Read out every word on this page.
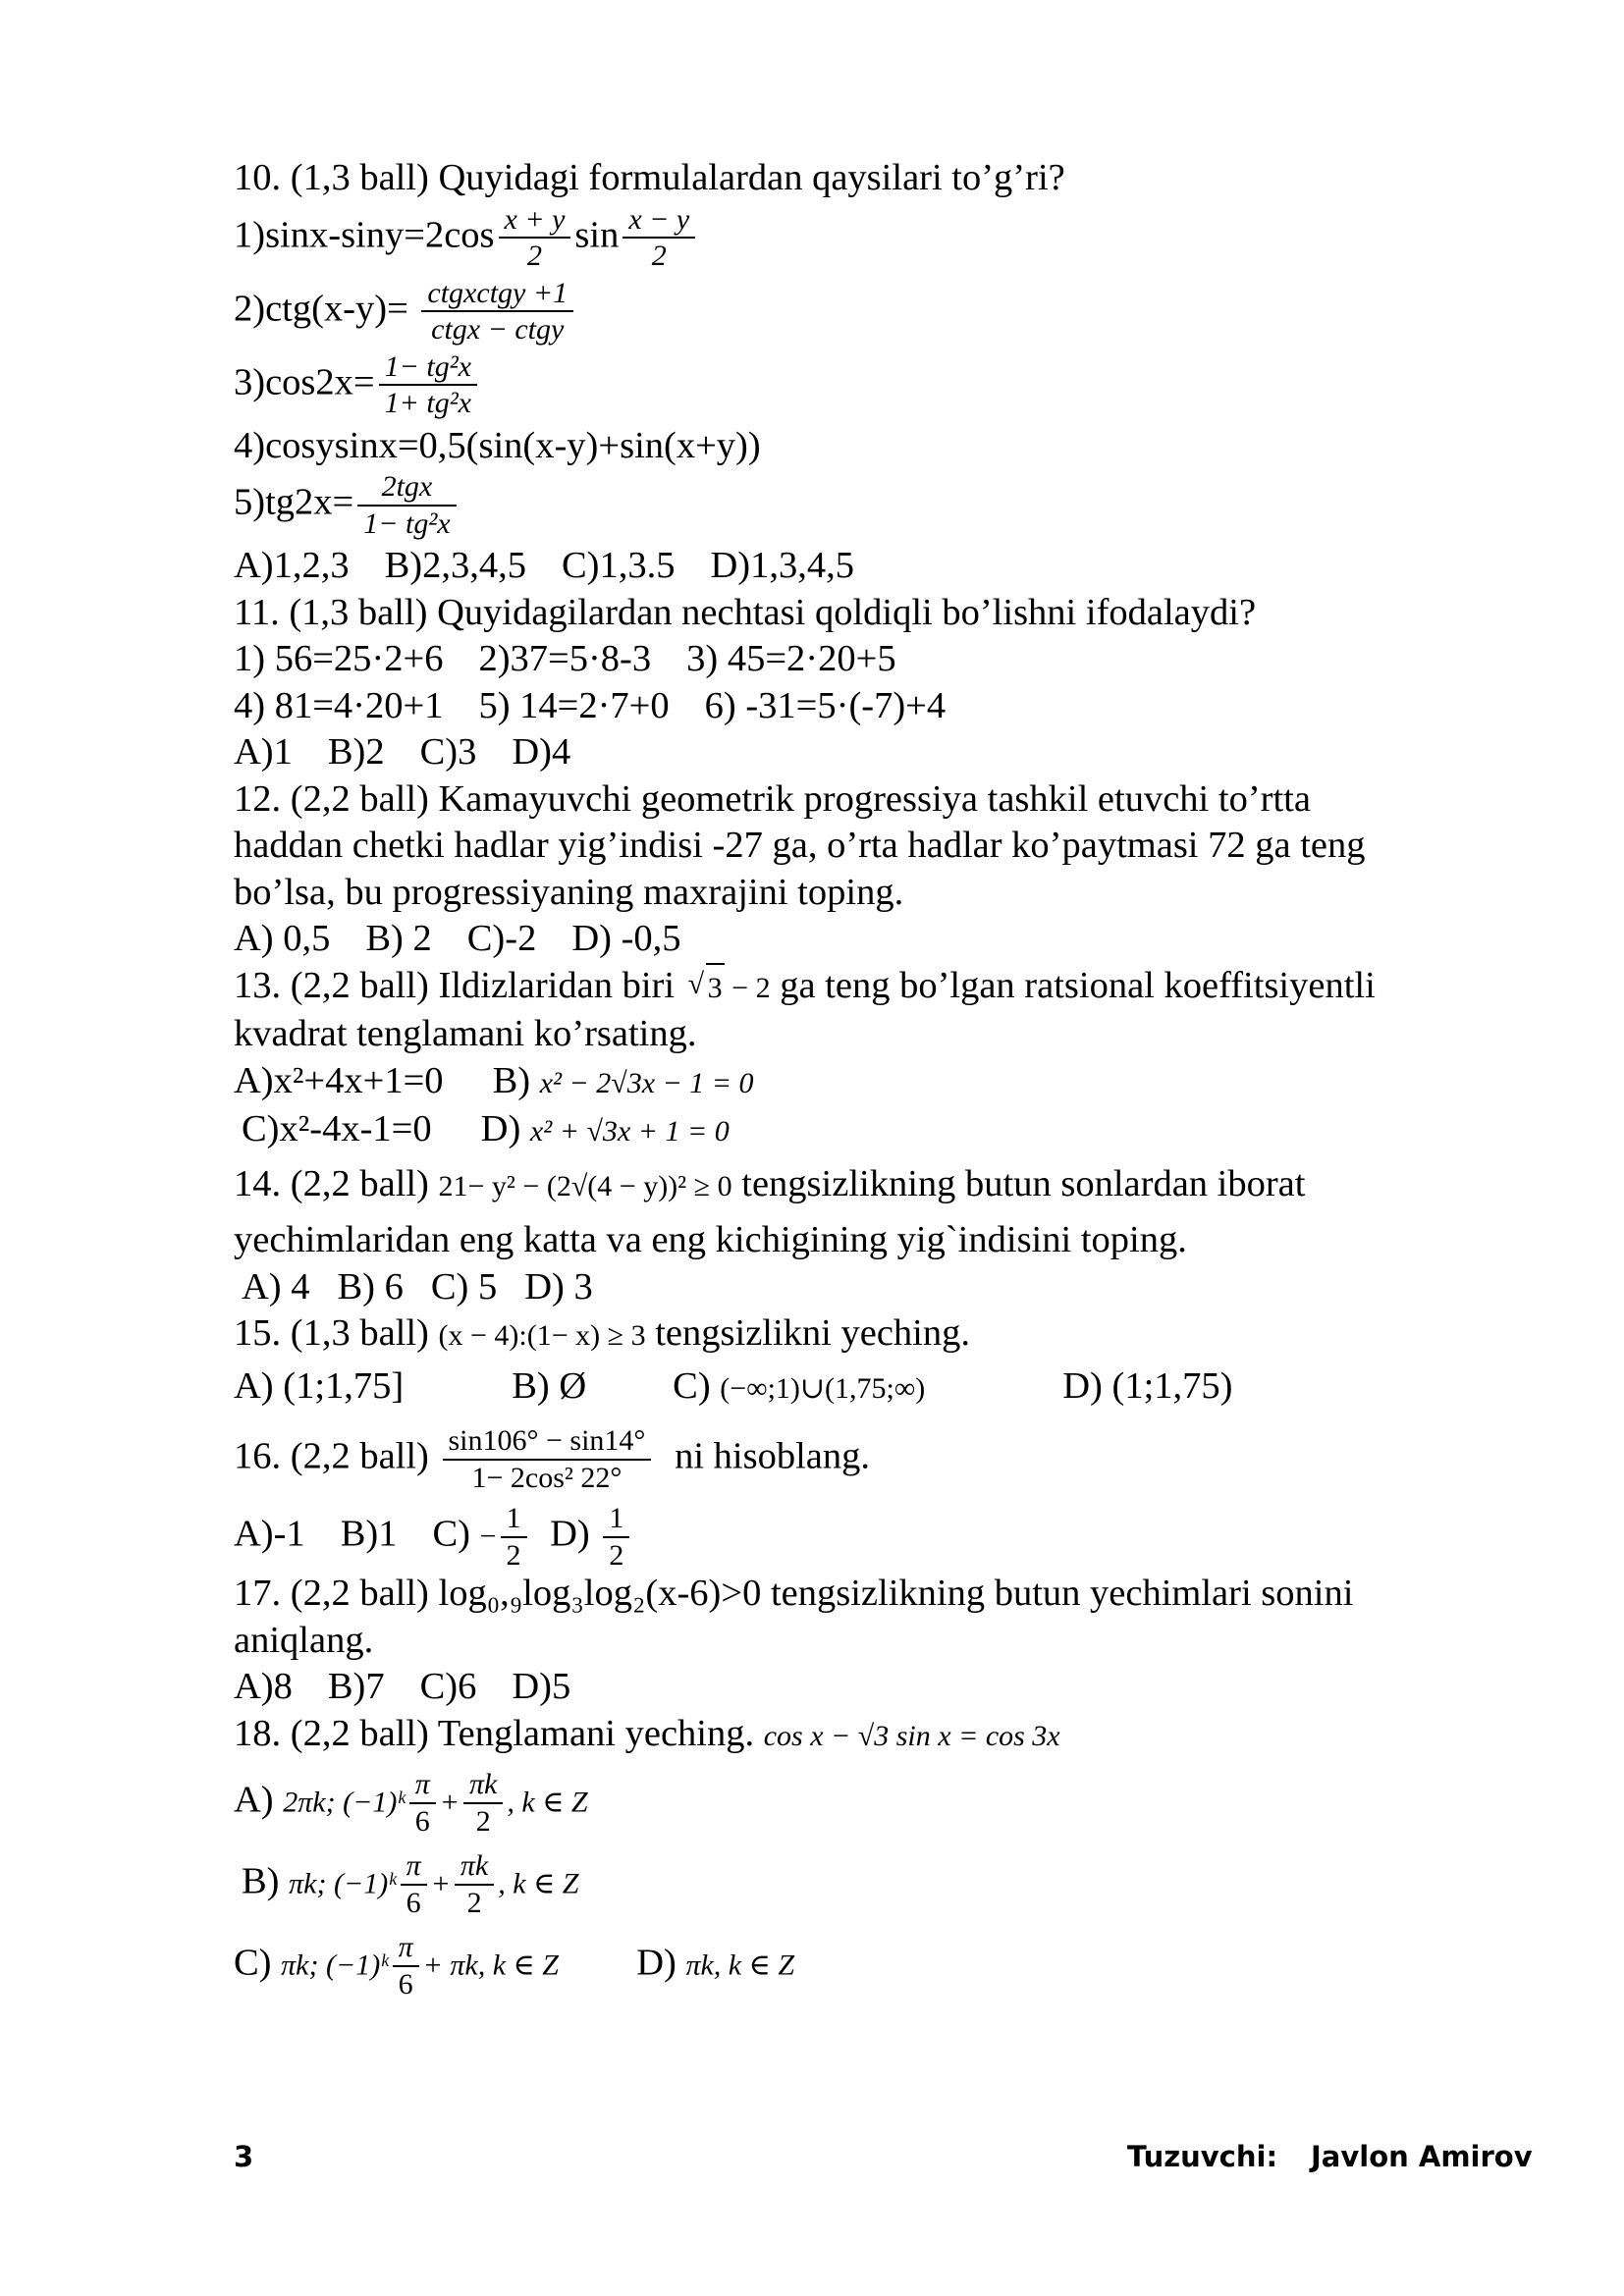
10. (1,3 ball) Quyidagi formulalardan qaysilari to’g’ri?
$1)\sin x-\sin y=2\cos \frac{x + y}{2}$ $\sin \frac{x - y}{2}$
$2)ctg(x-y)= \frac{\text{ctgxctgy +1}}{\text{ctgx − ctgy}}$
$3)\cos 2x= \frac{\text{1− tg²x}}{\text{1+ tg²x}}$
4)cosysinx=0,5(sin(x-y)+sin(x+y))
$5)tg2x= \frac{\text{2tgx}}{\text{1− tg²x}}$
A)1,2,3 B)2,3,4,5 C)1,3.5 D)1,3,4,5
11. (1,3 ball) Quyidagilardan nechtasi qoldiqli bo’lishni ifodalaydi?
1) 56=25·2+6 2)37=5·8-3 3) 45=2·20+5
4) 81=4·20+1 5) 14=2·7+0 6) -31=5·(-7)+4
A)1 B)2 C)3 D)4
12. (2,2 ball) Kamayuvchi geometrik progressiya tashkil etuvchi to’rtta
haddan chetki hadlar yig’indisi -27 ga, o’rta hadlar ko’paytmasi 72 ga teng
bo’lsa, bu progressiyaning maxrajini toping.
A) 0,5 B) 2 C)-2 D) -0,5
13. (2,2 ball) Ildizlaridan biri √ 3 − 2 ga teng bo’lgan ratsional koeffitsiyentli
kvadrat tenglamani ko’rsating.
A)x²+4x+1=0 B) x² − 2√3x − 1 = 0
C)x²-4x-1=0 D) x² + √3x + 1 = 0
14. (2,2 ball) 21− y² − (2√(4 − y))² ≥ 0 tengsizlikning butun sonlardan iborat
yechimlaridan eng katta va eng kichigining yig`indisini toping.
A) 4 B) 6 C) 5 D) 3
15. (1,3 ball) (x − 4):(1− x) ≥ 3 tengsizlikni yeching.
A) (1;1,75]	B) Ø C) (−∞;1)∪(1,75;∞)	D) (1;1,75)
16. (2,2 ball) $\frac{\sin 106^\circ - \sin 14^\circ}{\text{1− 2cos² 22°}}$ ni hisoblang.
A)-1 B)1 $C) - \frac{1}{2} D) \frac{1}{2}$
17. (2,2 ball) log₀,₉log₃log₂(x-6)>0 tengsizlikning butun yechimlari sonini
aniqlang.
A)8 B)7 C)6 D)5
18. (2,2 ball) Tenglamani yeching. cos x − √3 sin x = cos 3x
A) 2πk; (−1)ᵏ $\frac{\pi}{6} + \frac{\pi k}{2}$ , k ∈ Z
B) πk; (−1)ᵏ $\frac{\pi}{6} + \frac{\pi k}{2}$ , k ∈ Z
C) πk; (−1)ᵏ $\frac{\pi}{6} + \pi k$, k ∈ Z D) πk, k ∈ Z
3	Tuzuvchi: Javlon Amirov
